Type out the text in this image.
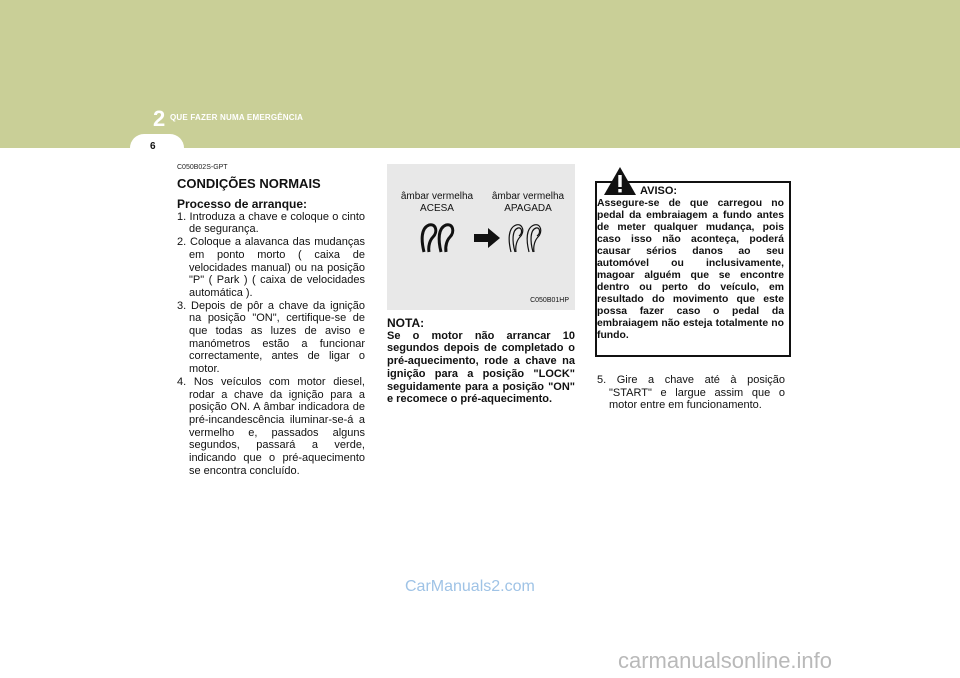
2 QUE FAZER NUMA EMERGÊNCIA
6
C050B02S-GPT
CONDIÇÕES NORMAIS
Processo de arranque:
1. Introduza a chave e coloque o cinto de segurança.
2. Coloque a alavanca das mudanças em ponto morto ( caixa de velocidades manual) ou na posição "P" ( Park ) ( caixa de velocidades automática ).
3. Depois de pôr a chave da ignição na posição "ON", certifique-se de que todas as luzes de aviso e manómetros estão a funcionar correctamente, antes de ligar o motor.
4. Nos veículos com motor diesel, rodar a chave da ignição para a posição ON. A âmbar indicadora de pré-incandescência iluminar-se-á a vermelho e, passados alguns segundos, passará a verde, indicando que o pré-aquecimento se encontra concluído.
âmbar vermelha
ACESA
âmbar vermelha
APAGADA
C050B01HP
NOTA:
Se o motor não arrancar 10 segundos depois de completado o pré-aquecimento, rode a chave na ignição para a posição "LOCK" seguidamente para a posição "ON" e recomece o pré-aquecimento.
AVISO:
Assegure-se de que carregou no pedal da embraiagem a fundo antes de meter qualquer mudança, pois caso isso não aconteça, poderá causar sérios danos ao seu automóvel ou inclusivamente, magoar alguém que se encontre dentro ou perto do veículo, em resultado do movimento que este possa fazer caso o pedal da embraiagem não esteja totalmente no fundo.
5. Gire a chave até à posição "START" e largue assim que o motor entre em funcionamento.
CarManuals2.com
carmanualsonline.info
